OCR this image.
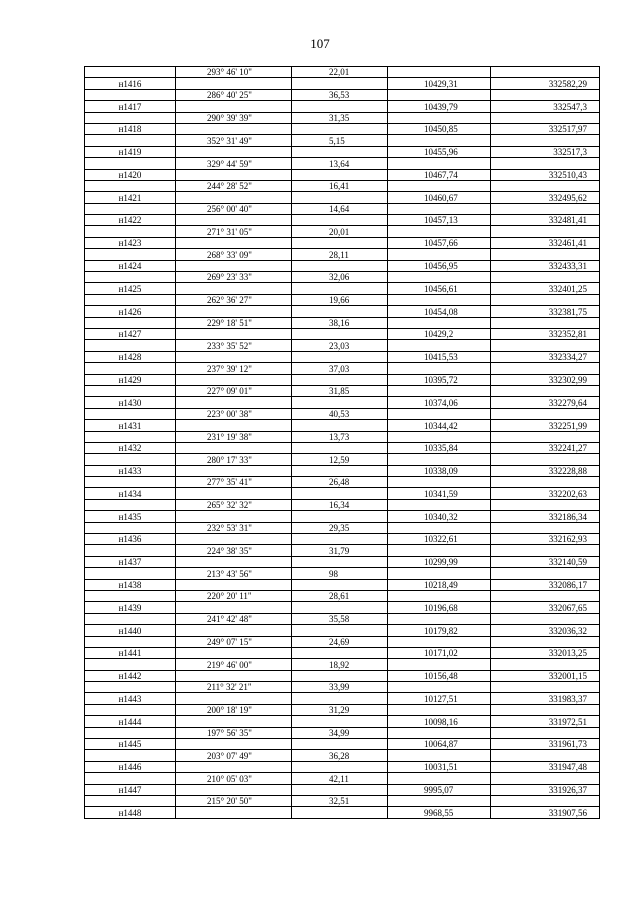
107
	293° 46' 10"	22,01		
н1416			10429,31	332582,29
	286° 40' 25"	36,53		
н1417			10439,79	332547,3
	290° 39' 39"	31,35		
н1418			10450,85	332517,97
	352° 31' 49"	5,15		
н1419			10455,96	332517,3
	329° 44' 59"	13,64		
н1420			10467,74	332510,43
	244° 28' 52"	16,41		
н1421			10460,67	332495,62
	256° 00' 40"	14,64		
н1422			10457,13	332481,41
	271° 31' 05"	20,01		
н1423			10457,66	332461,41
	268° 33' 09"	28,11		
н1424			10456,95	332433,31
	269° 23' 33"	32,06		
н1425			10456,61	332401,25
	262° 36' 27"	19,66		
н1426			10454,08	332381,75
	229° 18' 51"	38,16		
н1427			10429,2	332352,81
	233° 35' 52"	23,03		
н1428			10415,53	332334,27
	237° 39' 12"	37,03		
н1429			10395,72	332302,99
	227° 09' 01"	31,85		
н1430			10374,06	332279,64
	223° 00' 38"	40,53		
н1431			10344,42	332251,99
	231° 19' 38"	13,73		
н1432			10335,84	332241,27
	280° 17' 33"	12,59		
н1433			10338,09	332228,88
	277° 35' 41"	26,48		
н1434			10341,59	332202,63
	265° 32' 32"	16,34		
н1435			10340,32	332186,34
	232° 53' 31"	29,35		
н1436			10322,61	332162,93
	224° 38' 35"	31,79		
н1437			10299,99	332140,59
	213° 43' 56"	98		
н1438			10218,49	332086,17
	220° 20' 11"	28,61		
н1439			10196,68	332067,65
	241° 42' 48"	35,58		
н1440			10179,82	332036,32
	249° 07' 15"	24,69		
н1441			10171,02	332013,25
	219° 46' 00"	18,92		
н1442			10156,48	332001,15
	211° 32' 21"	33,99		
н1443			10127,51	331983,37
	200° 18' 19"	31,29		
н1444			10098,16	331972,51
	197° 56' 35"	34,99		
н1445			10064,87	331961,73
	203° 07' 49"	36,28		
н1446			10031,51	331947,48
	210° 05' 03"	42,11		
н1447			9995,07	331926,37
	215° 20' 50"	32,51		
н1448			9968,55	331907,56
